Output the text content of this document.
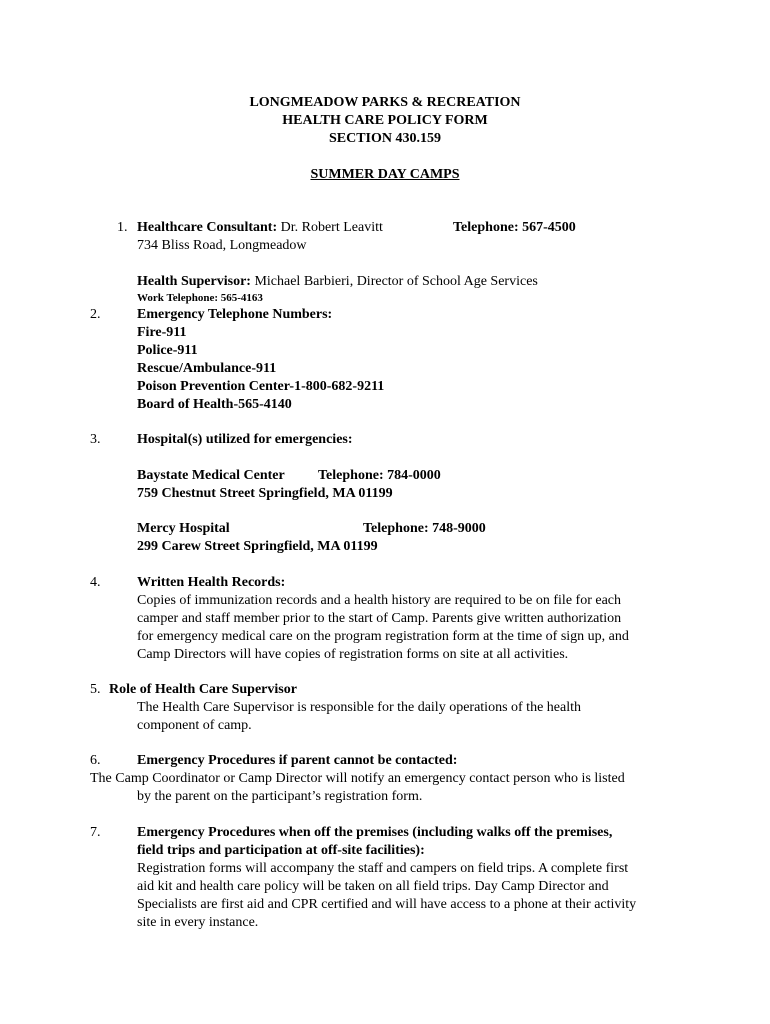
LONGMEADOW PARKS & RECREATION
HEALTH CARE POLICY FORM
SECTION 430.159
SUMMER DAY CAMPS
1. Healthcare Consultant: Dr. Robert Leavitt	Telephone: 567-4500
734 Bliss Road, Longmeadow
Health Supervisor: Michael Barbieri, Director of School Age Services
Work Telephone: 565-4163
2.	Emergency Telephone Numbers:
Fire-911
Police-911
Rescue/Ambulance-911
Poison Prevention Center-1-800-682-9211
Board of Health-565-4140
3.	Hospital(s) utilized for emergencies:
Baystate Medical Center Telephone: 784-0000
759 Chestnut Street Springfield, MA 01199
Mercy Hospital	Telephone: 748-9000
299 Carew Street Springfield, MA 01199
4.	Written Health Records:
Copies of immunization records and a health history are required to be on file for each
camper and staff member prior to the start of Camp. Parents give written authorization
for emergency medical care on the program registration form at the time of sign up, and
Camp Directors will have copies of registration forms on site at all activities.
5. Role of Health Care Supervisor
The Health Care Supervisor is responsible for the daily operations of the health
component of camp.
6.	Emergency Procedures if parent cannot be contacted:
The Camp Coordinator or Camp Director will notify an emergency contact person who is listed
by the parent on the participant’s registration form.
7.	Emergency Procedures when off the premises (including walks off the premises,
field trips and participation at off-site facilities):
Registration forms will accompany the staff and campers on field trips. A complete first
aid kit and health care policy will be taken on all field trips. Day Camp Director and
Specialists are first aid and CPR certified and will have access to a phone at their activity
site in every instance.
